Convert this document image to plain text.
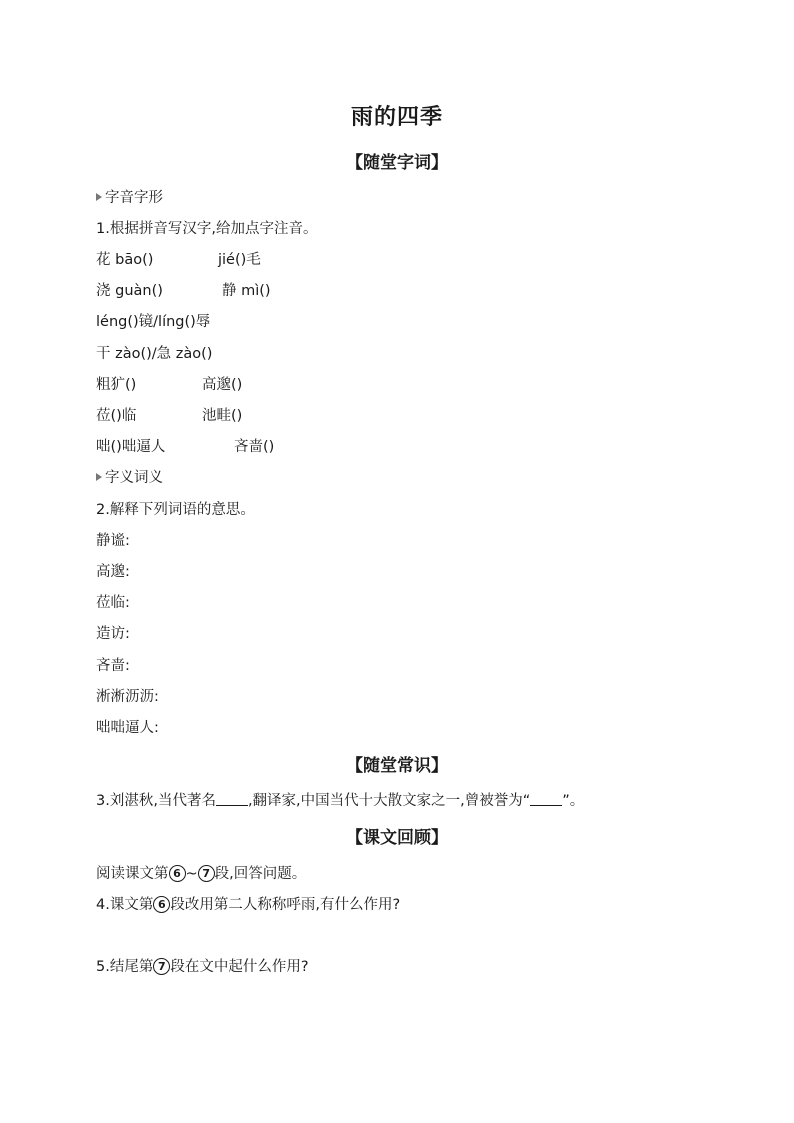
雨的四季
【随堂字词】
字音字形
1.根据拼音写汉字,给加点字注音。
花 bāo()	jié()毛
浇 guàn()	静 mì()
léng()镜/líng()辱
干 zào()/急 zào()
粗犷()	高邈()
莅()临	池畦()
咄()咄逼人	吝啬()
字义词义
2.解释下列词语的意思。
静谧:
高邈:
莅临:
造访:
吝啬:
淅淅沥沥:
咄咄逼人:
【随堂常识】
3.刘湛秋,当代著名 ,翻译家,中国当代十大散文家之一,曾被誉为“ ”。
【课文回顾】
阅读课文第 6 ~ 7 段,回答问题。
4.课文第 6 段改用第二人称称呼雨,有什么作用?
5.结尾第 7 段在文中起什么作用?
